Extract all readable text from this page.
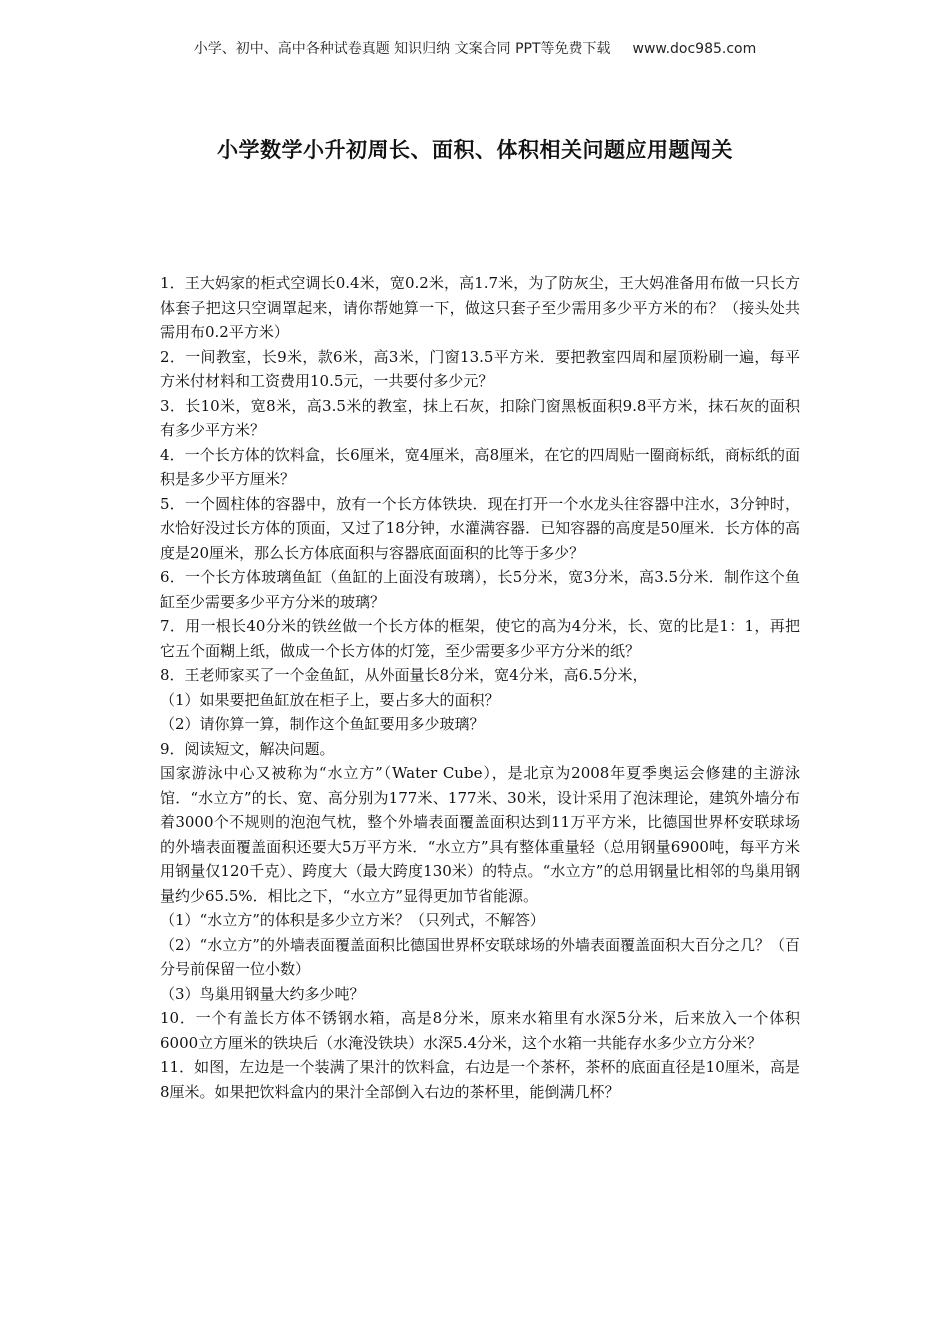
小学、初中、高中各种试卷真题 知识归纳 文案合同 PPT等免费下载 www.doc985.com
小学数学小升初周长、面积、体积相关问题应用题闯关

1．王大妈家的柜式空调长0.4米，宽0.2米，高1.7米，为了防灰尘，王大妈准备用布做一只长方体套子把这只空调罩起来，请你帮她算一下，做这只套子至少需用多少平方米的布？（接头处共需用布0.2平方米）

2．一间教室，长9米，款6米，高3米，门窗13.5平方米．要把教室四周和屋顶粉刷一遍，每平方米付材料和工资费用10.5元，一共要付多少元？

3．长10米，宽8米，高3.5米的教室，抹上石灰，扣除门窗黑板面积9.8平方米，抹石灰的面积有多少平方米？

4．一个长方体的饮料盒，长6厘米，宽4厘米，高8厘米，在它的四周贴一圈商标纸，商标纸的面积是多少平方厘米？

5．一个圆柱体的容器中，放有一个长方体铁块．现在打开一个水龙头往容器中注水，3分钟时，水恰好没过长方体的顶面，又过了18分钟，水灌满容器．已知容器的高度是50厘米．长方体的高度是20厘米，那么长方体底面积与容器底面面积的比等于多少？

6．一个长方体玻璃鱼缸（鱼缸的上面没有玻璃），长5分米，宽3分米，高3.5分米．制作这个鱼缸至少需要多少平方分米的玻璃？

7．用一根长40分米的铁丝做一个长方体的框架，使它的高为4分米，长、宽的比是1：1，再把它五个面糊上纸，做成一个长方体的灯笼，至少需要多少平方分米的纸？

8．王老师家买了一个金鱼缸，从外面量长8分米，宽4分米，高6.5分米，

（1）如果要把鱼缸放在柜子上，要占多大的面积？

（2）请你算一算，制作这个鱼缸要用多少玻璃？

9．阅读短文，解决问题。

国家游泳中心又被称为“水立方”（Water Cube），是北京为2008年夏季奥运会修建的主游泳馆．“水立方”的长、宽、高分别为177米、177米、30米，设计采用了泡沫理论，建筑外墙分布着3000个不规则的泡泡气枕，整个外墙表面覆盖面积达到11万平方米，比德国世界杯安联球场的外墙表面覆盖面积还要大5万平方米．“水立方”具有整体重量轻（总用钢量6900吨，每平方米用钢量仅120千克）、跨度大（最大跨度130米）的特点。“水立方”的总用钢量比相邻的鸟巢用钢量约少65.5%．相比之下，“水立方”显得更加节省能源。

（1）“水立方”的体积是多少立方米？（只列式，不解答）

（2）“水立方”的外墙表面覆盖面积比德国世界杯安联球场的外墙表面覆盖面积大百分之几？（百分号前保留一位小数）

（3）鸟巢用钢量大约多少吨？

10．一个有盖长方体不锈钢水箱，高是8分米，原来水箱里有水深5分米，后来放入一个体积6000立方厘米的铁块后（水淹没铁块）水深5.4分米，这个水箱一共能存水多少立方分米？

11．如图，左边是一个装满了果汁的饮料盒，右边是一个茶杯，茶杯的底面直径是10厘米，高是8厘米。如果把饮料盒内的果汁全部倒入右边的茶杯里，能倒满几杯？
